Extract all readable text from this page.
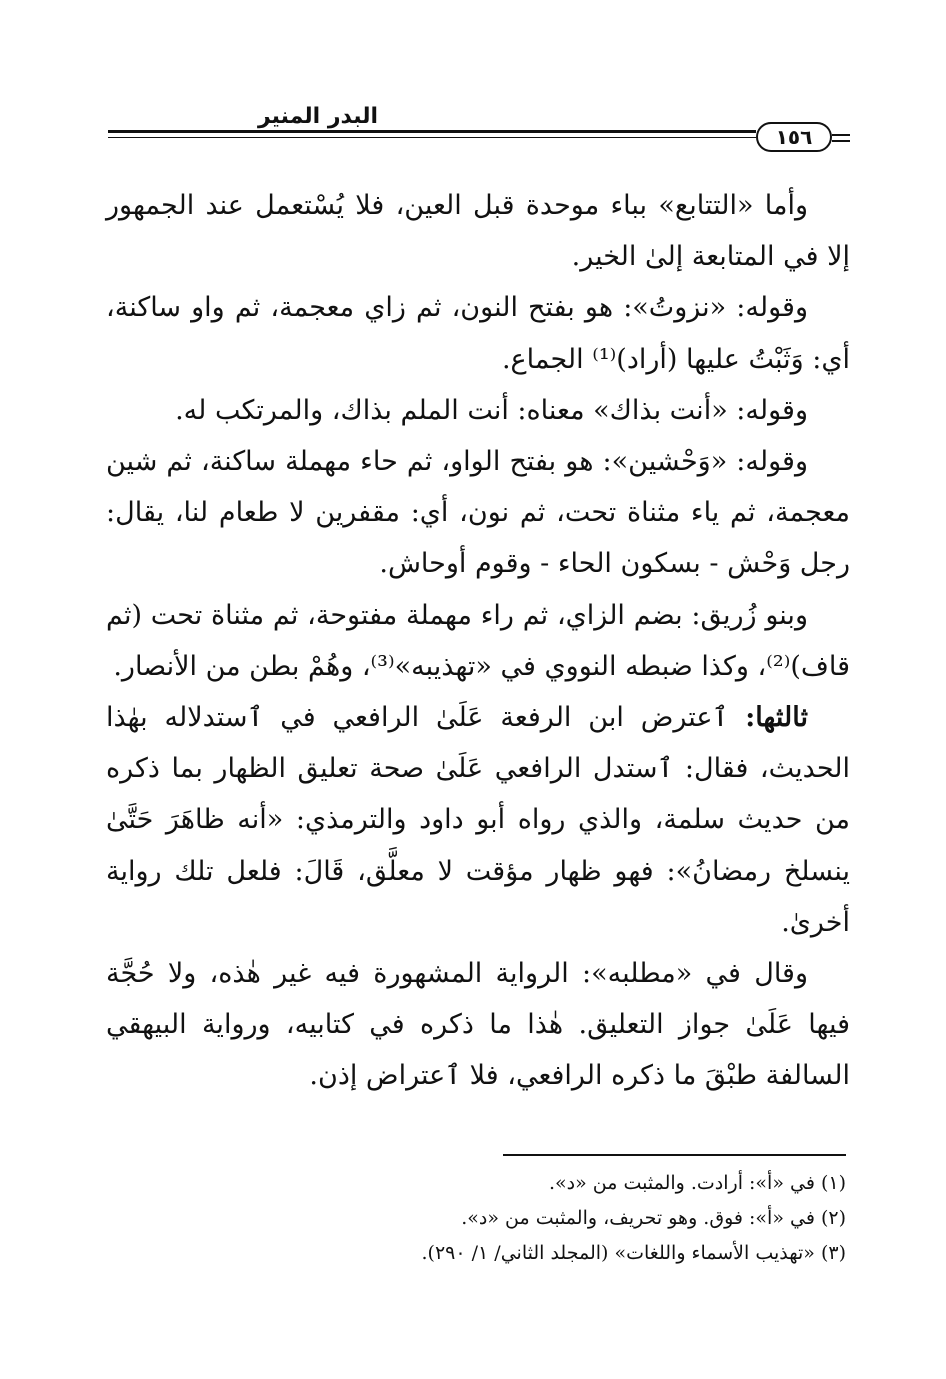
البدر المنير
١٥٦

وأما «التتابع» بباء موحدة قبل العين، فلا يُسْتعمل عند الجمهور إلا في المتابعة إلىٰ الخير.

وقوله: «نزوتُ»: هو بفتح النون، ثم زاي معجمة، ثم واو ساكنة، أي: وَثَبْتُ عليها (أراد)⁽¹⁾ الجماع.

وقوله: «أنت بذاك» معناه: أنت الملم بذاك، والمرتكب له.

وقوله: «وَحْشين»: هو بفتح الواو، ثم حاء مهملة ساكنة، ثم شين معجمة، ثم ياء مثناة تحت، ثم نون، أي: مقفرين لا طعام لنا، يقال: رجل وَحْش - بسكون الحاء - وقوم أوحاش.

وبنو زُريق: بضم الزاي، ثم راء مهملة مفتوحة، ثم مثناة تحت (ثم قاف)⁽²⁾، وكذا ضبطه النووي في «تهذيبه»⁽³⁾، وهُمْ بطن من الأنصار.

ثالثها: ٱعترض ابن الرفعة عَلَىٰ الرافعي في ٱستدلاله بهٰذا الحديث، فقال: ٱستدل الرافعي عَلَىٰ صحة تعليق الظهار بما ذكره من حديث سلمة، والذي رواه أبو داود والترمذي: «أنه ظاهَرَ حَتَّىٰ ينسلخ رمضانُ»: فهو ظهار مؤقت لا معلَّق، قَالَ: فلعل تلك رواية أخرىٰ.

وقال في «مطلبه»: الرواية المشهورة فيه غير هٰذه، ولا حُجَّة فيها عَلَىٰ جواز التعليق. هٰذا ما ذكره في كتابيه، ورواية البيهقي السالفة طبْقَ ما ذكره الرافعي، فلا ٱعتراض إذن.

(١) في «أ»: أرادت. والمثبت من «د».

(٢) في «أ»: فوق. وهو تحريف، والمثبت من «د».

(٣) «تهذيب الأسماء واللغات» (المجلد الثاني/ ١/ ٢٩٠).
